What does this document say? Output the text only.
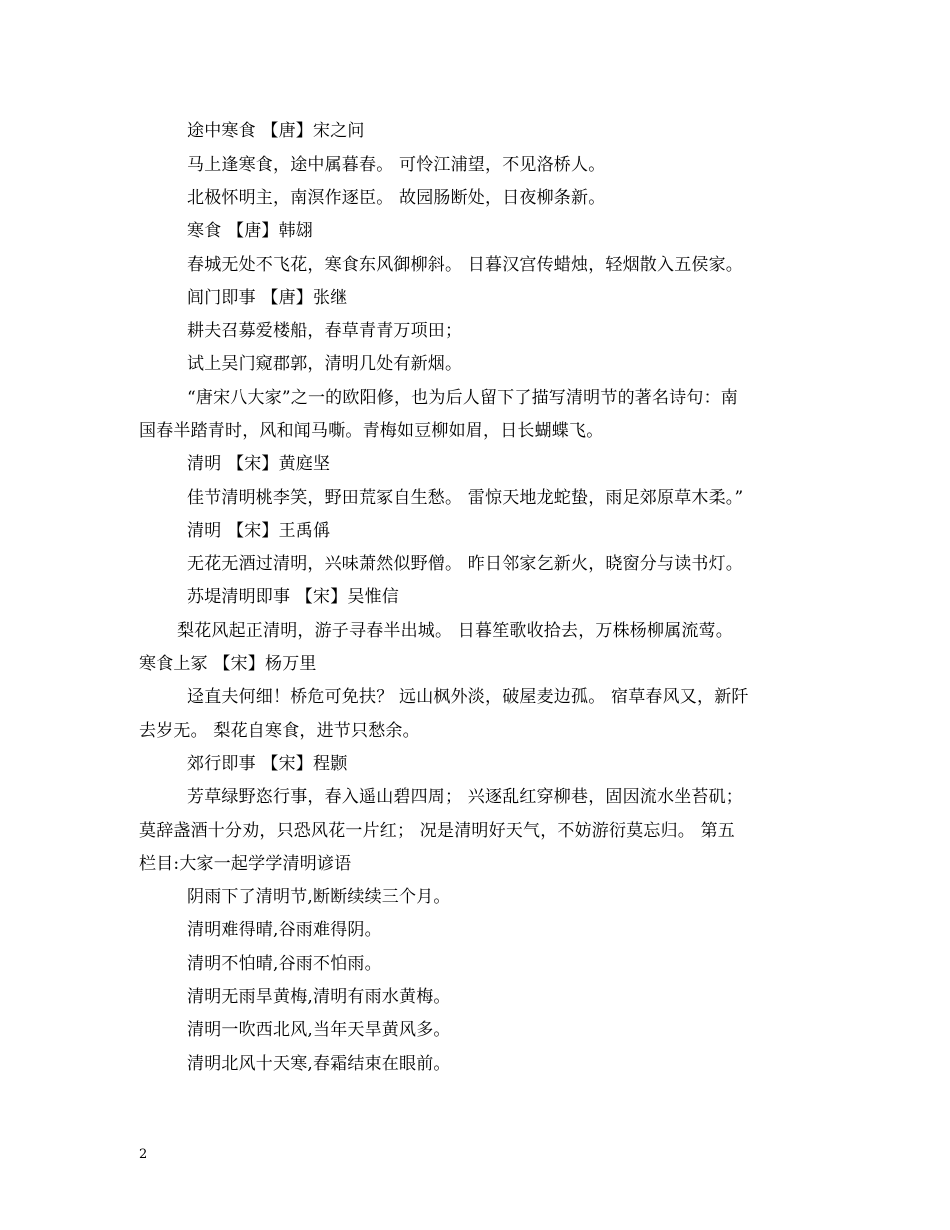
途中寒食 【唐】宋之问
马上逢寒食，途中属暮春。 可怜江浦望，不见洛桥人。
北极怀明主，南溟作逐臣。 故园肠断处，日夜柳条新。
寒食 【唐】韩翃
春城无处不飞花，寒食东风御柳斜。 日暮汉宫传蜡烛，轻烟散入五侯家。
闾门即事 【唐】张继
耕夫召募爱楼船，春草青青万项田；
试上吴门窥郡郭，清明几处有新烟。
“唐宋八大家”之一的欧阳修，也为后人留下了描写清明节的著名诗句：南
国春半踏青时，风和闻马嘶。青梅如豆柳如眉，日长蝴蝶飞。
清明 【宋】黄庭坚
佳节清明桃李笑，野田荒冢自生愁。 雷惊天地龙蛇蛰，雨足郊原草木柔。”
清明 【宋】王禹偁
无花无酒过清明，兴味萧然似野僧。 昨日邻家乞新火，晓窗分与读书灯。
苏堤清明即事 【宋】吴惟信
梨花风起正清明，游子寻春半出城。 日暮笙歌收拾去，万株杨柳属流莺。
寒食上冢 【宋】杨万里
迳直夫何细！桥危可免扶？ 远山枫外淡，破屋麦边孤。 宿草春风又，新阡
去岁无。 梨花自寒食，进节只愁余。
郊行即事 【宋】程颢
芳草绿野恣行事，春入遥山碧四周； 兴逐乱红穿柳巷，固因流水坐苔矶；
莫辞盏酒十分劝，只恐风花一片红； 况是清明好天气，不妨游衍莫忘归。 第五
栏目:大家一起学学清明谚语
阴雨下了清明节,断断续续三个月。
清明难得晴,谷雨难得阴。
清明不怕晴,谷雨不怕雨。
清明无雨旱黄梅,清明有雨水黄梅。
清明一吹西北风,当年天旱黄风多。
清明北风十天寒,春霜结束在眼前。
2
